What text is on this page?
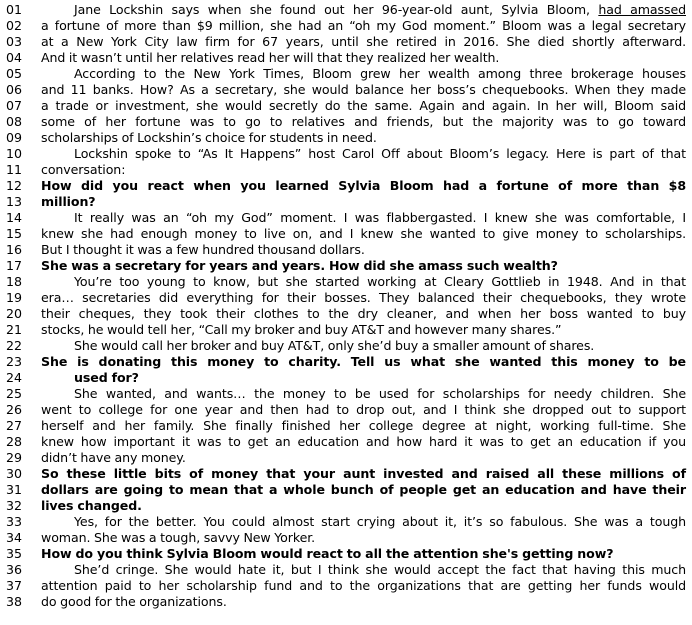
01	Jane Lockshin says when she found out her 96-year-old aunt, Sylvia Bloom, had amassed
02	a fortune of more than $9 million, she had an “oh my God moment.” Bloom was a legal secretary
03	at a New York City law firm for 67 years, until she retired in 2016. She died shortly afterward.
04	And it wasn’t until her relatives read her will that they realized her wealth.
05	According to the New York Times, Bloom grew her wealth among three brokerage houses
06	and 11 banks. How? As a secretary, she would balance her boss’s chequebooks. When they made
07	a trade or investment, she would secretly do the same. Again and again. In her will, Bloom said
08	some of her fortune was to go to relatives and friends, but the majority was to go toward
09	scholarships of Lockshin’s choice for students in need.
10	Lockshin spoke to “As It Happens” host Carol Off about Bloom’s legacy. Here is part of that
11	conversation:
12	How did you react when you learned Sylvia Bloom had a fortune of more than $8
13	million?
14	It really was an “oh my God” moment. I was flabbergasted. I knew she was comfortable, I
15	knew she had enough money to live on, and I knew she wanted to give money to scholarships.
16	But I thought it was a few hundred thousand dollars.
17	She was a secretary for years and years. How did she amass such wealth?
18	You’re too young to know, but she started working at Cleary Gottlieb in 1948. And in that
19	era… secretaries did everything for their bosses. They balanced their chequebooks, they wrote
20	their cheques, they took their clothes to the dry cleaner, and when her boss wanted to buy
21	stocks, he would tell her, “Call my broker and buy AT&T and however many shares.”
22	She would call her broker and buy AT&T, only she’d buy a smaller amount of shares.
23	She is donating this money to charity. Tell us what she wanted this money to be
24	used for?
25	She wanted, and wants… the money to be used for scholarships for needy children. She
26	went to college for one year and then had to drop out, and I think she dropped out to support
27	herself and her family. She finally finished her college degree at night, working full-time. She
28	knew how important it was to get an education and how hard it was to get an education if you
29	didn’t have any money.
30	So these little bits of money that your aunt invested and raised all these millions of
31	dollars are going to mean that a whole bunch of people get an education and have their
32	lives changed.
33	Yes, for the better. You could almost start crying about it, it’s so fabulous. She was a tough
34	woman. She was a tough, savvy New Yorker.
35	How do you think Sylvia Bloom would react to all the attention she's getting now?
36	She’d cringe. She would hate it, but I think she would accept the fact that having this much
37	attention paid to her scholarship fund and to the organizations that are getting her funds would
38	do good for the organizations.
